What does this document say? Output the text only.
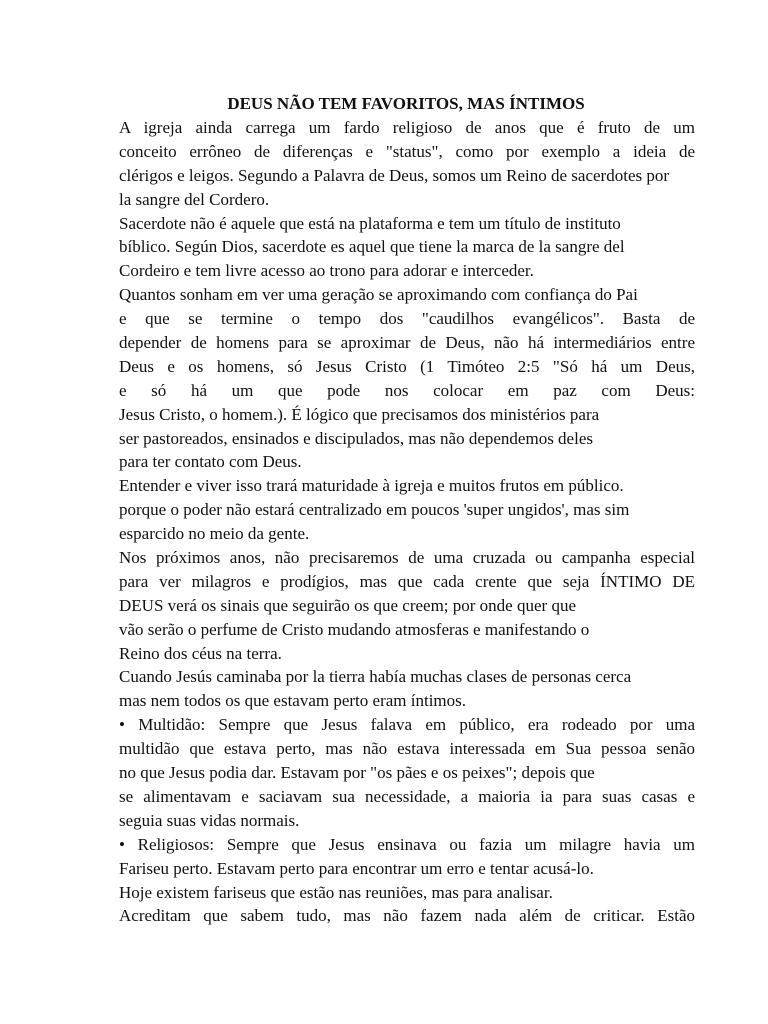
DEUS NÃO TEM FAVORITOS, MAS ÍNTIMOS
A igreja ainda carrega um fardo religioso de anos que é fruto de um
conceito errôneo de diferenças e "status", como por exemplo a ideia de
clérigos e leigos. Segundo a Palavra de Deus, somos um Reino de sacerdotes por
la sangre del Cordero.
Sacerdote não é aquele que está na plataforma e tem um título de instituto
bíblico. Según Dios, sacerdote es aquel que tiene la marca de la sangre del
Cordeiro e tem livre acesso ao trono para adorar e interceder.
Quantos sonham em ver uma geração se aproximando com confiança do Pai
e que se termine o tempo dos "caudilhos evangélicos". Basta de
depender de homens para se aproximar de Deus, não há intermediários entre
Deus e os homens, só Jesus Cristo (1 Timóteo 2:5 "Só há um Deus,
e só há um que pode nos colocar em paz com Deus:
Jesus Cristo, o homem.). É lógico que precisamos dos ministérios para
ser pastoreados, ensinados e discipulados, mas não dependemos deles
para ter contato com Deus.
Entender e viver isso trará maturidade à igreja e muitos frutos em público.
porque o poder não estará centralizado em poucos 'super ungidos', mas sim
esparcido no meio da gente.
Nos próximos anos, não precisaremos de uma cruzada ou campanha especial
para ver milagros e prodígios, mas que cada crente que seja ÍNTIMO DE
DEUS verá os sinais que seguirão os que creem; por onde quer que
vão serão o perfume de Cristo mudando atmosferas e manifestando o
Reino dos céus na terra.
Cuando Jesús caminaba por la tierra había muchas clases de personas cerca
mas nem todos os que estavam perto eram íntimos.
• Multidão: Sempre que Jesus falava em público, era rodeado por uma
multidão que estava perto, mas não estava interessada em Sua pessoa senão
no que Jesus podia dar. Estavam por "os pães e os peixes"; depois que
se alimentavam e saciavam sua necessidade, a maioria ia para suas casas e
seguia suas vidas normais.
• Religiosos: Sempre que Jesus ensinava ou fazia um milagre havia um
Fariseu perto. Estavam perto para encontrar um erro e tentar acusá-lo.
Hoje existem fariseus que estão nas reuniões, mas para analisar.
Acreditam que sabem tudo, mas não fazem nada além de criticar. Estão
